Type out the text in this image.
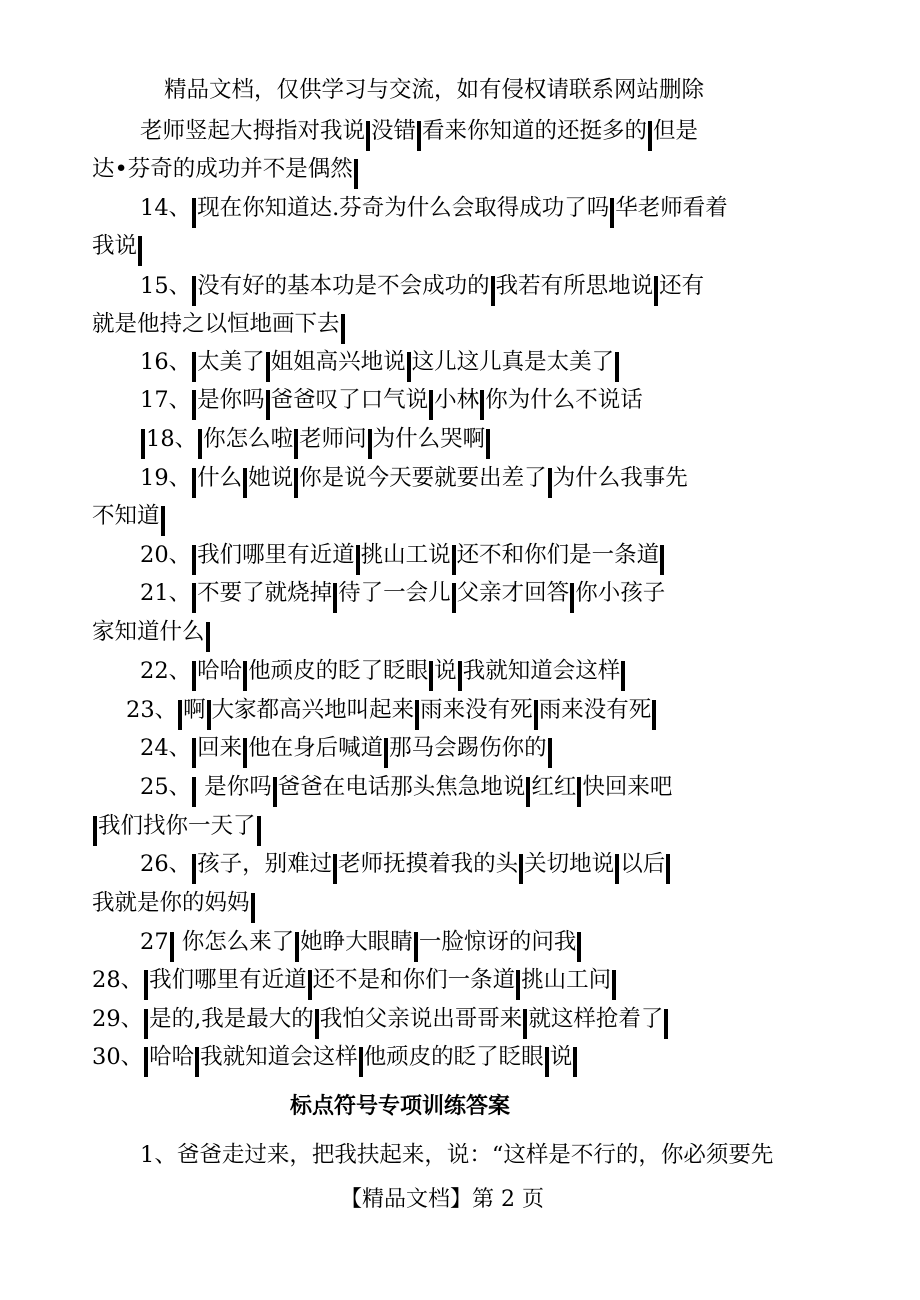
精品文档，仅供学习与交流，如有侵权请联系网站删除
老师竖起大拇指对我说 没错 看来你知道的还挺多的 但是
达•芬奇的成功并不是偶然
14、 现在你知道达.芬奇为什么会取得成功了吗 华老师看着
我说
15、 没有好的基本功是不会成功的 我若有所思地说 还有
就是他持之以恒地画下去
16、 太美了 姐姐高兴地说 这儿这儿真是太美了
17、 是你吗 爸爸叹了口气说 小林 你为什么不说话
18、 你怎么啦 老师问 为什么哭啊
19、 什么 她说 你是说今天要就要出差了 为什么我事先
不知道
20、 我们哪里有近道 挑山工说 还不和你们是一条道
21、 不要了就烧掉 待了一会儿 父亲才回答 你小孩子
家知道什么
22、 哈哈 他顽皮的眨了眨眼 说 我就知道会这样
23、 啊 大家都高兴地叫起来 雨来没有死 雨来没有死
24、 回来 他在身后喊道 那马会踢伤你的
25、 是你吗 爸爸在电话那头焦急地说 红红 快回来吧
我们找你一天了
26、 孩子，别难过 老师抚摸着我的头 关切地说 以后
我就是你的妈妈
27 你怎么来了 她睁大眼睛 一脸惊讶的问我
28、 我们哪里有近道 还不是和你们一条道 挑山工问
29、 是的,我是最大的 我怕父亲说出哥哥来 就这样抢着了
30、 哈哈 我就知道会这样 他顽皮的眨了眨眼 说
标点符号专项训练答案
1、爸爸走过来，把我扶起来，说：“这样是不行的，你必须要先
【精品文档】第 2 页
